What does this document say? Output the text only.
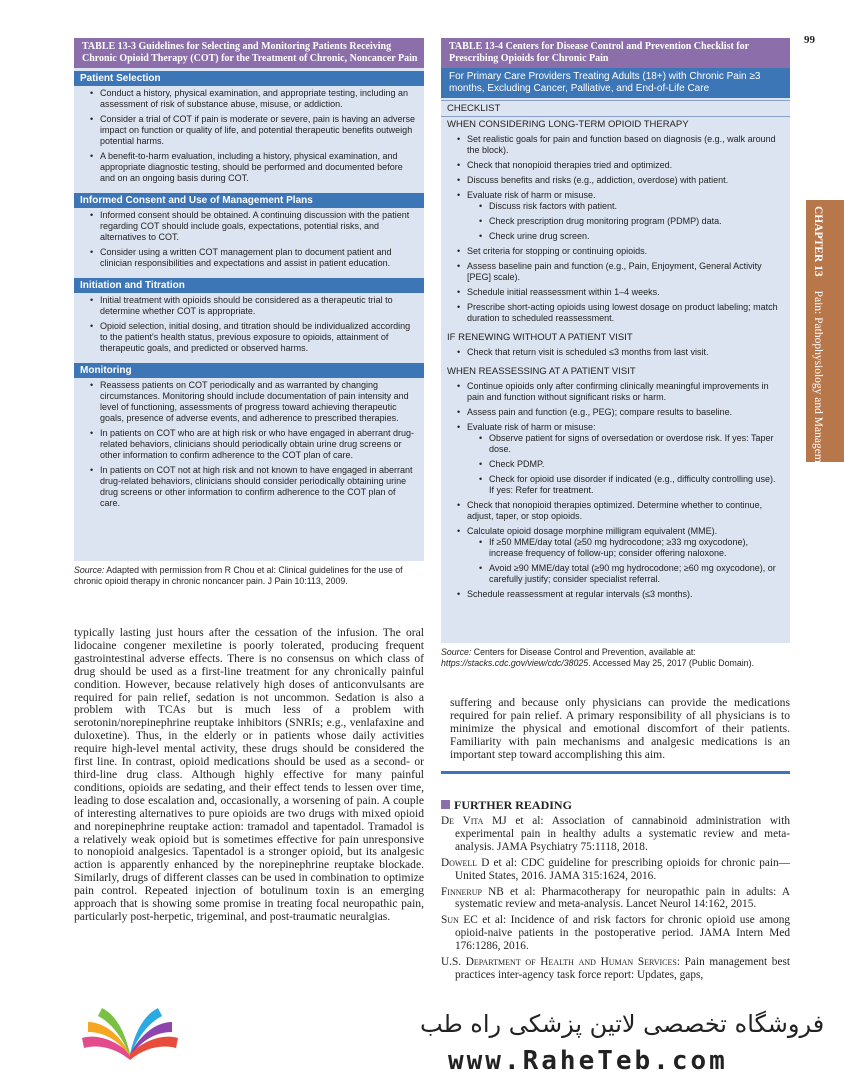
99
CHAPTER 13Pain: Pathophysiology and Management
TABLE 13-3 Guidelines for Selecting and Monitoring Patients Receiving Chronic Opioid Therapy (COT) for the Treatment of Chronic, Noncancer Pain
Patient Selection
• Conduct a history, physical examination, and appropriate testing, including an assessment of risk of substance abuse, misuse, or addiction.
• Consider a trial of COT if pain is moderate or severe, pain is having an adverse impact on function or quality of life, and potential therapeutic benefits outweigh potential harms.
• A benefit-to-harm evaluation, including a history, physical examination, and appropriate diagnostic testing, should be performed and documented before and on an ongoing basis during COT.
Informed Consent and Use of Management Plans
• Informed consent should be obtained. A continuing discussion with the patient regarding COT should include goals, expectations, potential risks, and alternatives to COT.
• Consider using a written COT management plan to document patient and clinician responsibilities and expectations and assist in patient education.
Initiation and Titration
• Initial treatment with opioids should be considered as a therapeutic trial to determine whether COT is appropriate.
• Opioid selection, initial dosing, and titration should be individualized according to the patient's health status, previous exposure to opioids, attainment of therapeutic goals, and predicted or observed harms.
Monitoring
• Reassess patients on COT periodically and as warranted by changing circumstances. Monitoring should include documentation of pain intensity and level of functioning, assessments of progress toward achieving therapeutic goals, presence of adverse events, and adherence to prescribed therapies.
• In patients on COT who are at high risk or who have engaged in aberrant drug-related behaviors, clinicians should periodically obtain urine drug screens or other information to confirm adherence to the COT plan of care.
• In patients on COT not at high risk and not known to have engaged in aberrant drug-related behaviors, clinicians should consider periodically obtaining urine drug screens or other information to confirm adherence to the COT plan of care.
Source: Adapted with permission from R Chou et al: Clinical guidelines for the use of chronic opioid therapy in chronic noncancer pain. J Pain 10:113, 2009.
TABLE 13-4 Centers for Disease Control and Prevention Checklist for Prescribing Opioids for Chronic Pain
For Primary Care Providers Treating Adults (18+) with Chronic Pain ≥3 months, Excluding Cancer, Palliative, and End-of-Life Care
CHECKLIST
WHEN CONSIDERING LONG-TERM OPIOID THERAPY
• Set realistic goals for pain and function based on diagnosis (e.g., walk around the block).
• Check that nonopioid therapies tried and optimized.
• Discuss benefits and risks (e.g., addiction, overdose) with patient.
• Evaluate risk of harm or misuse.
• Discuss risk factors with patient.
• Check prescription drug monitoring program (PDMP) data.
• Check urine drug screen.
• Set criteria for stopping or continuing opioids.
• Assess baseline pain and function (e.g., Pain, Enjoyment, General Activity [PEG] scale).
• Schedule initial reassessment within 1–4 weeks.
• Prescribe short-acting opioids using lowest dosage on product labeling; match duration to scheduled reassessment.
IF RENEWING WITHOUT A PATIENT VISIT
• Check that return visit is scheduled ≤3 months from last visit.
WHEN REASSESSING AT A PATIENT VISIT
• Continue opioids only after confirming clinically meaningful improvements in pain and function without significant risks or harm.
• Assess pain and function (e.g., PEG); compare results to baseline.
• Evaluate risk of harm or misuse:
• Observe patient for signs of oversedation or overdose risk. If yes: Taper dose.
• Check PDMP.
• Check for opioid use disorder if indicated (e.g., difficulty controlling use). If yes: Refer for treatment.
• Check that nonopioid therapies optimized. Determine whether to continue, adjust, taper, or stop opioids.
• Calculate opioid dosage morphine milligram equivalent (MME).
• If ≥50 MME/day total (≥50 mg hydrocodone; ≥33 mg oxycodone), increase frequency of follow-up; consider offering naloxone.
• Avoid ≥90 MME/day total (≥90 mg hydrocodone; ≥60 mg oxycodone), or carefully justify; consider specialist referral.
• Schedule reassessment at regular intervals (≤3 months).
Source: Centers for Disease Control and Prevention, available at: https://stacks.cdc.gov/view/cdc/38025. Accessed May 25, 2017 (Public Domain).
typically lasting just hours after the cessation of the infusion. The oral lidocaine congener mexiletine is poorly tolerated, producing frequent gastrointestinal adverse effects. There is no consensus on which class of drug should be used as a first-line treatment for any chronically painful condition. However, because relatively high doses of anticonvulsants are required for pain relief, sedation is not uncommon. Sedation is also a problem with TCAs but is much less of a problem with serotonin/norepinephrine reuptake inhibitors (SNRIs; e.g., venlafaxine and duloxetine). Thus, in the elderly or in patients whose daily activities require high-level mental activity, these drugs should be considered the first line. In contrast, opioid medications should be used as a second- or third-line drug class. Although highly effective for many painful conditions, opioids are sedating, and their effect tends to lessen over time, leading to dose escalation and, occasionally, a worsening of pain. A couple of interesting alternatives to pure opioids are two drugs with mixed opioid and norepinephrine reuptake action: tramadol and tapentadol. Tramadol is a relatively weak opioid but is sometimes effective for pain unresponsive to nonopioid analgesics. Tapentadol is a stronger opioid, but its analgesic action is apparently enhanced by the norepinephrine reuptake blockade. Similarly, drugs of different classes can be used in combination to optimize pain control. Repeated injection of botulinum toxin is an emerging approach that is showing some promise in treating focal neuropathic pain, particularly post-herpetic, trigeminal, and post-traumatic neuralgias.
suffering and because only physicians can provide the medications required for pain relief. A primary responsibility of all physicians is to minimize the physical and emotional discomfort of their patients. Familiarity with pain mechanisms and analgesic medications is an important step toward accomplishing this aim.
FURTHER READING

De Vita MJ et al: Association of cannabinoid administration with experimental pain in healthy adults a systematic review and meta-analysis. JAMA Psychiatry 75:1118, 2018.

Dowell D et al: CDC guideline for prescribing opioids for chronic pain—United States, 2016. JAMA 315:1624, 2016.

Finnerup NB et al: Pharmacotherapy for neuropathic pain in adults: A systematic review and meta-analysis. Lancet Neurol 14:162, 2015.

Sun EC et al: Incidence of and risk factors for chronic opioid use among opioid-naive patients in the postoperative period. JAMA Intern Med 176:1286, 2016.

U.S. Department of Health and Human Services: Pain management best practices inter-agency task force report: Updates, gaps,

فروشگاه تخصصی لاتین پزشکی راه طب
www.RaheTeb.com
